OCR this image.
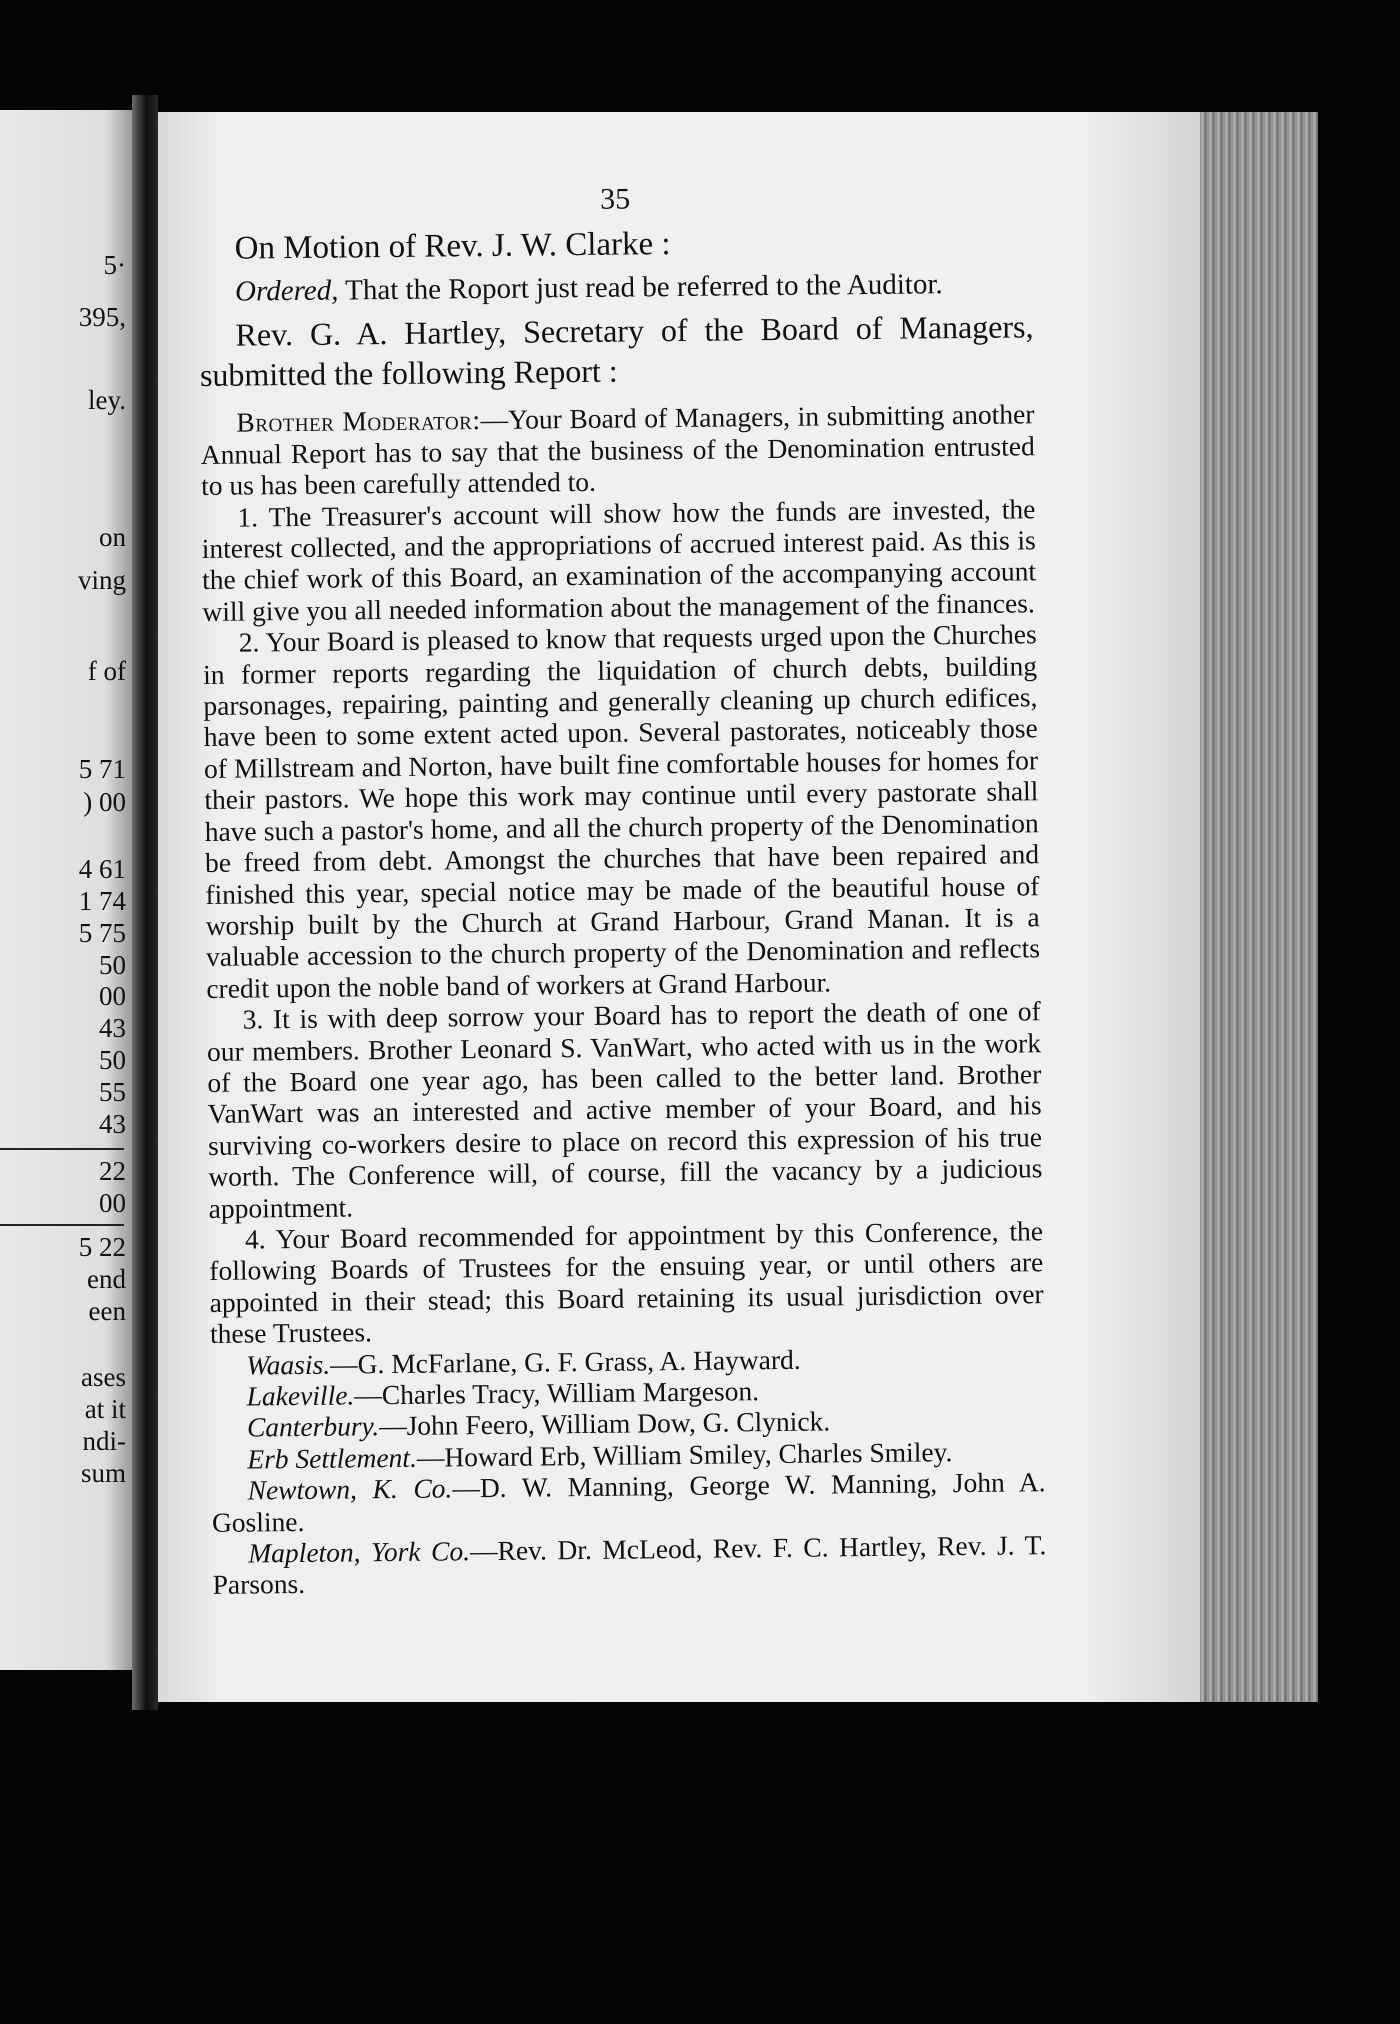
5·
395,
ley.
on
ving
f of
5 71
) 00
4 61
1 74
5 75
50
00
43
50
55
43
22
00
5 22
end
een
ases
at it
ndi-
sum
35
On Motion of Rev. J. W. Clarke :

Ordered, That the Roport just read be referred to the Auditor.

Rev. G. A. Hartley, Secretary of the Board of Managers, submitted the following Report :

Brother Moderator:—Your Board of Managers, in submitting another Annual Report has to say that the business of the Denomination entrusted to us has been carefully attended to.

1. The Treasurer's account will show how the funds are invested, the interest collected, and the appropriations of accrued interest paid. As this is the chief work of this Board, an examination of the accompanying account will give you all needed information about the management of the finances.

2. Your Board is pleased to know that requests urged upon the Churches in former reports regarding the liquidation of church debts, building parsonages, repairing, painting and generally cleaning up church edifices, have been to some extent acted upon. Several pastorates, noticeably those of Millstream and Norton, have built fine comfortable houses for homes for their pastors. We hope this work may continue until every pastorate shall have such a pastor's home, and all the church property of the Denomination be freed from debt. Amongst the churches that have been repaired and finished this year, special notice may be made of the beautiful house of worship built by the Church at Grand Harbour, Grand Manan. It is a valuable accession to the church property of the Denomination and reflects credit upon the noble band of workers at Grand Harbour.

3. It is with deep sorrow your Board has to report the death of one of our members. Brother Leonard S. VanWart, who acted with us in the work of the Board one year ago, has been called to the better land. Brother VanWart was an interested and active member of your Board, and his surviving co-workers desire to place on record this expression of his true worth. The Conference will, of course, fill the vacancy by a judicious appointment.

4. Your Board recommended for appointment by this Conference, the following Boards of Trustees for the ensuing year, or until others are appointed in their stead; this Board retaining its usual jurisdiction over these Trustees.

Waasis.—G. McFarlane, G. F. Grass, A. Hayward.

Lakeville.—Charles Tracy, William Margeson.

Canterbury.—John Feero, William Dow, G. Clynick.

Erb Settlement.—Howard Erb, William Smiley, Charles Smiley.

Newtown, K. Co.—D. W. Manning, George W. Manning, John A. Gosline.

Mapleton, York Co.—Rev. Dr. McLeod, Rev. F. C. Hartley, Rev. J. T. Parsons.
